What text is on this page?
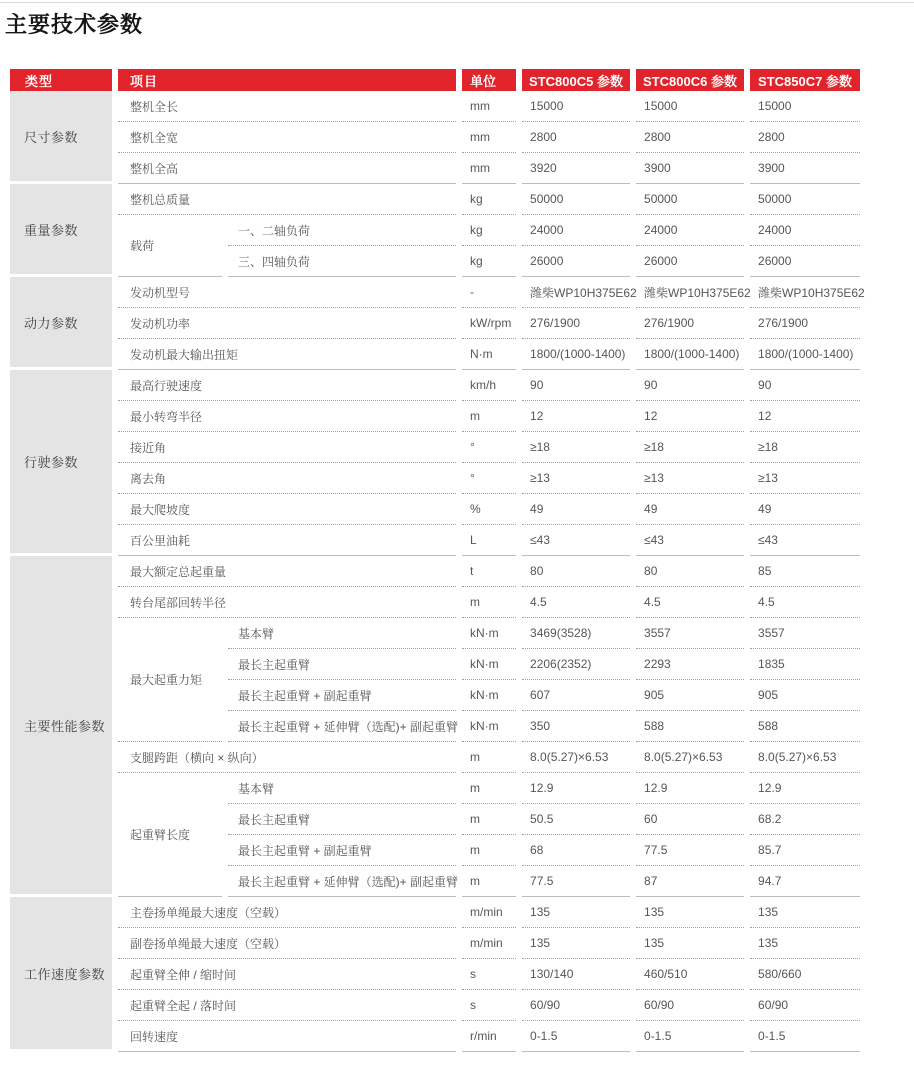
主要技术参数
类型	项目		单位	STC800C5 参数	STC800C6 参数	STC850C7 参数
尺寸参数	整机全长		mm	15000	15000	15000
	整机全宽		mm	2800	2800	2800
	整机全高		mm	3920	3900	3900
重量参数	整机总质量		kg	50000	50000	50000
	载荷	一、二轴负荷	kg	24000	24000	24000
		三、四轴负荷	kg	26000	26000	26000
动力参数	发动机型号		-	潍柴WP10H375E62	潍柴WP10H375E62	潍柴WP10H375E62
	发动机功率		kW/rpm	276/1900	276/1900	276/1900
	发动机最大输出扭矩		N·m	1800/(1000-1400)	1800/(1000-1400)	1800/(1000-1400)
行驶参数	最高行驶速度		km/h	90	90	90
	最小转弯半径		m	12	12	12
	接近角		°	≥18	≥18	≥18
	离去角		°	≥13	≥13	≥13
	最大爬坡度		%	49	49	49
	百公里油耗		L	≤43	≤43	≤43
主要性能参数	最大额定总起重量		t	80	80	85
	转台尾部回转半径		m	4.5	4.5	4.5
	最大起重力矩	基本臂	kN·m	3469(3528)	3557	3557
		最长主起重臂	kN·m	2206(2352)	2293	1835
		最长主起重臂 + 副起重臂	kN·m	607	905	905
		最长主起重臂 + 延伸臂（选配)+ 副起重臂	kN·m	350	588	588
	支腿跨距（横向 × 纵向）		m	8.0(5.27)×6.53	8.0(5.27)×6.53	8.0(5.27)×6.53
	起重臂长度	基本臂	m	12.9	12.9	12.9
		最长主起重臂	m	50.5	60	68.2
		最长主起重臂 + 副起重臂	m	68	77.5	85.7
		最长主起重臂 + 延伸臂（选配)+ 副起重臂	m	77.5	87	94.7
工作速度参数	主卷扬单绳最大速度（空载）		m/min	135	135	135
	副卷扬单绳最大速度（空载）		m/min	135	135	135
	起重臂全伸 / 缩时间		s	130/140	460/510	580/660
	起重臂全起 / 落时间		s	60/90	60/90	60/90
	回转速度		r/min	0-1.5	0-1.5	0-1.5
